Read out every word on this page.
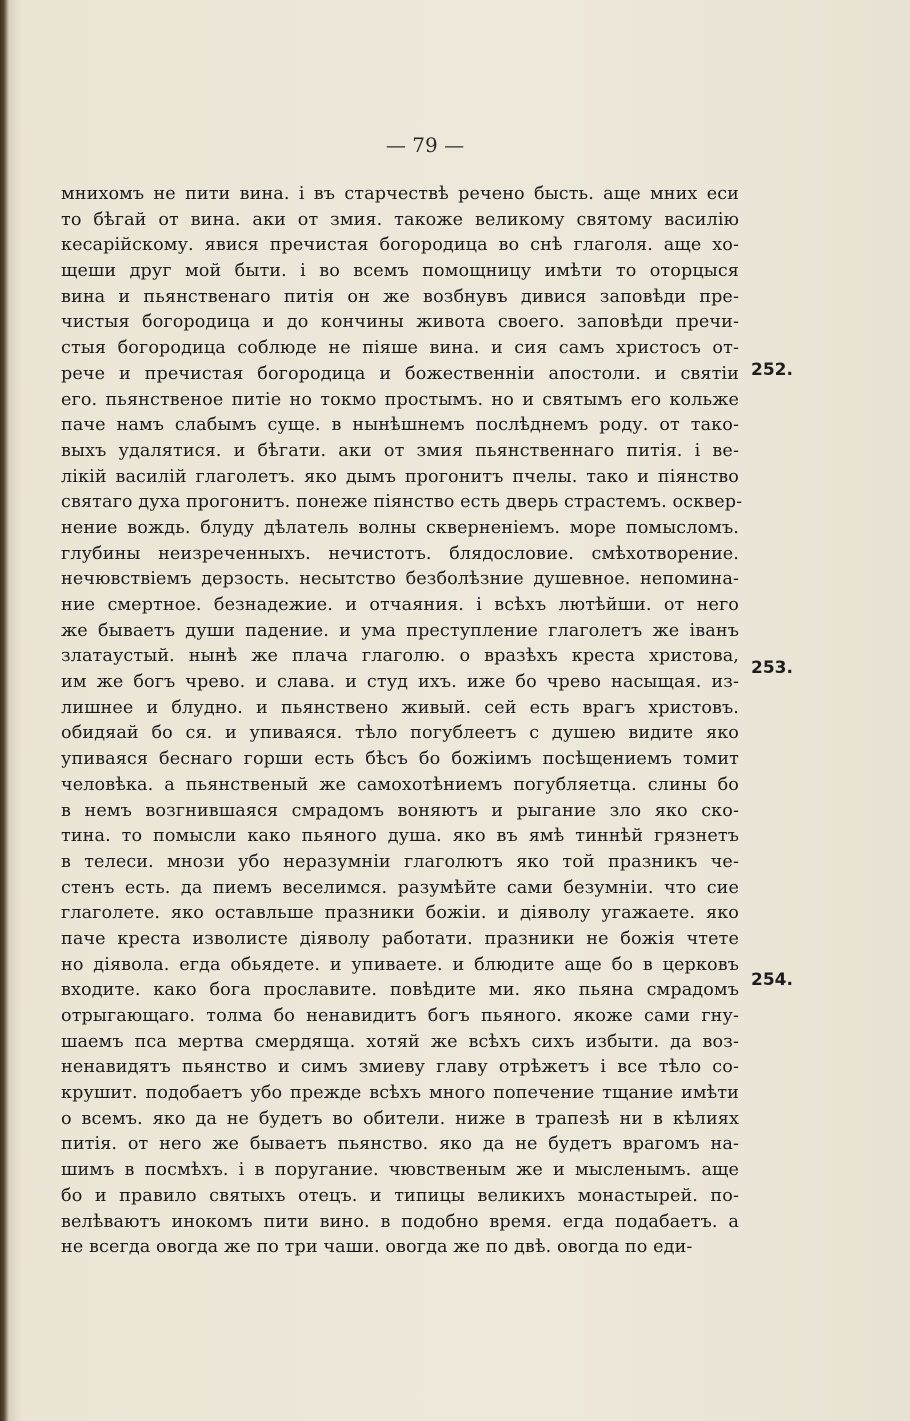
— 79 —
мнихомъ не пити вина. і въ старчествѣ речено бысть. аще мних еси
то бѣгай от вина. аки от змия. такоже великому святому василію
кесарійскому. явися пречистая богородица во снѣ глаголя. аще хо-
щеши друг мой быти. і во всемъ помощницу имѣти то оторцыся
вина и пьянственаго питія он же возбнувъ дивися заповѣди пре-
чистыя богородица и до кончины живота своего. заповѣди пречи-
стыя богородица соблюде не піяше вина. и сия самъ христосъ от-
рече и пречистая богородица и божественніи апостоли. и святіи
его. пьянственое питіе но токмо простымъ. но и святымъ его кольже
паче намъ слабымъ суще. в нынѣшнемъ послѣднемъ роду. от тако-
выхъ удалятися. и бѣгати. аки от змия пьянственнаго питія. і ве-
лікій василій глаголетъ. яко дымъ прогонитъ пчелы. тако и піянство
святаго духа прогонитъ. понеже піянство есть дверь страстемъ. осквер-
нение вождь. блуду дѣлатель волны скверненіемъ. море помысломъ.
глубины неизреченныхъ. нечистотъ. блядословие. смѣхотворение.
нечювствіемъ дерзость. несытство безболѣзние душевное. непомина-
ние смертное. безнадежие. и отчаяния. і всѣхъ лютѣйши. от него
же бываетъ души падение. и ума преступление глаголетъ же іванъ
златаустый. нынѣ же плача глаголю. о вразѣхъ креста христова,
им же богъ чрево. и слава. и студ ихъ. иже бо чрево насыщая. из-
лишнее и блудно. и пьянствено живый. сей есть врагъ христовъ.
обидяай бо ся. и упиваяся. тѣло погублеетъ с душею видите яко
упиваяся беснаго горши есть бѣсъ бо божіимъ посѣщениемъ томит
человѣка. а пьянственый же самохотѣниемъ погубляетца. слины бо
в немъ возгнившаяся смрадомъ воняютъ и рыгание зло яко ско-
тина. то помысли како пьяного душа. яко въ ямѣ тиннѣй грязнетъ
в телеси. мнози убо неразумніи глаголютъ яко той празникъ че-
стенъ есть. да пиемъ веселимся. разумѣйте сами безумніи. что сие
глаголете. яко оставльше празники божіи. и діяволу угажаете. яко
паче креста изволисте діяволу работати. празники не божія чтете
но діявола. егда обьядете. и упиваете. и блюдите аще бо в церковъ
входите. како бога прославите. повѣдите ми. яко пьяна смрадомъ
отрыгающаго. толма бо ненавидитъ богъ пьяного. якоже сами гну-
шаемъ пса мертва смердяща. хотяй же всѣхъ сихъ избыти. да воз-
ненавидятъ пьянство и симъ змиеву главу отрѣжетъ і все тѣло со-
крушит. подобаетъ убо прежде всѣхъ много попечение тщание имѣти
о всемъ. яко да не будетъ во обители. ниже в трапезѣ ни в кѣлиях
питія. от него же бываетъ пьянство. яко да не будетъ врагомъ на-
шимъ в посмѣхъ. і в поругание. чювственым же и мысленымъ. аще
бо и правило святыхъ отецъ. и типицы великихъ монастырей. по-
велѣваютъ инокомъ пити вино. в подобно время. егда подабаетъ. а
не всегда овогда же по три чаши. овогда же по двѣ. овогда по еди-
252.
253.
254.
